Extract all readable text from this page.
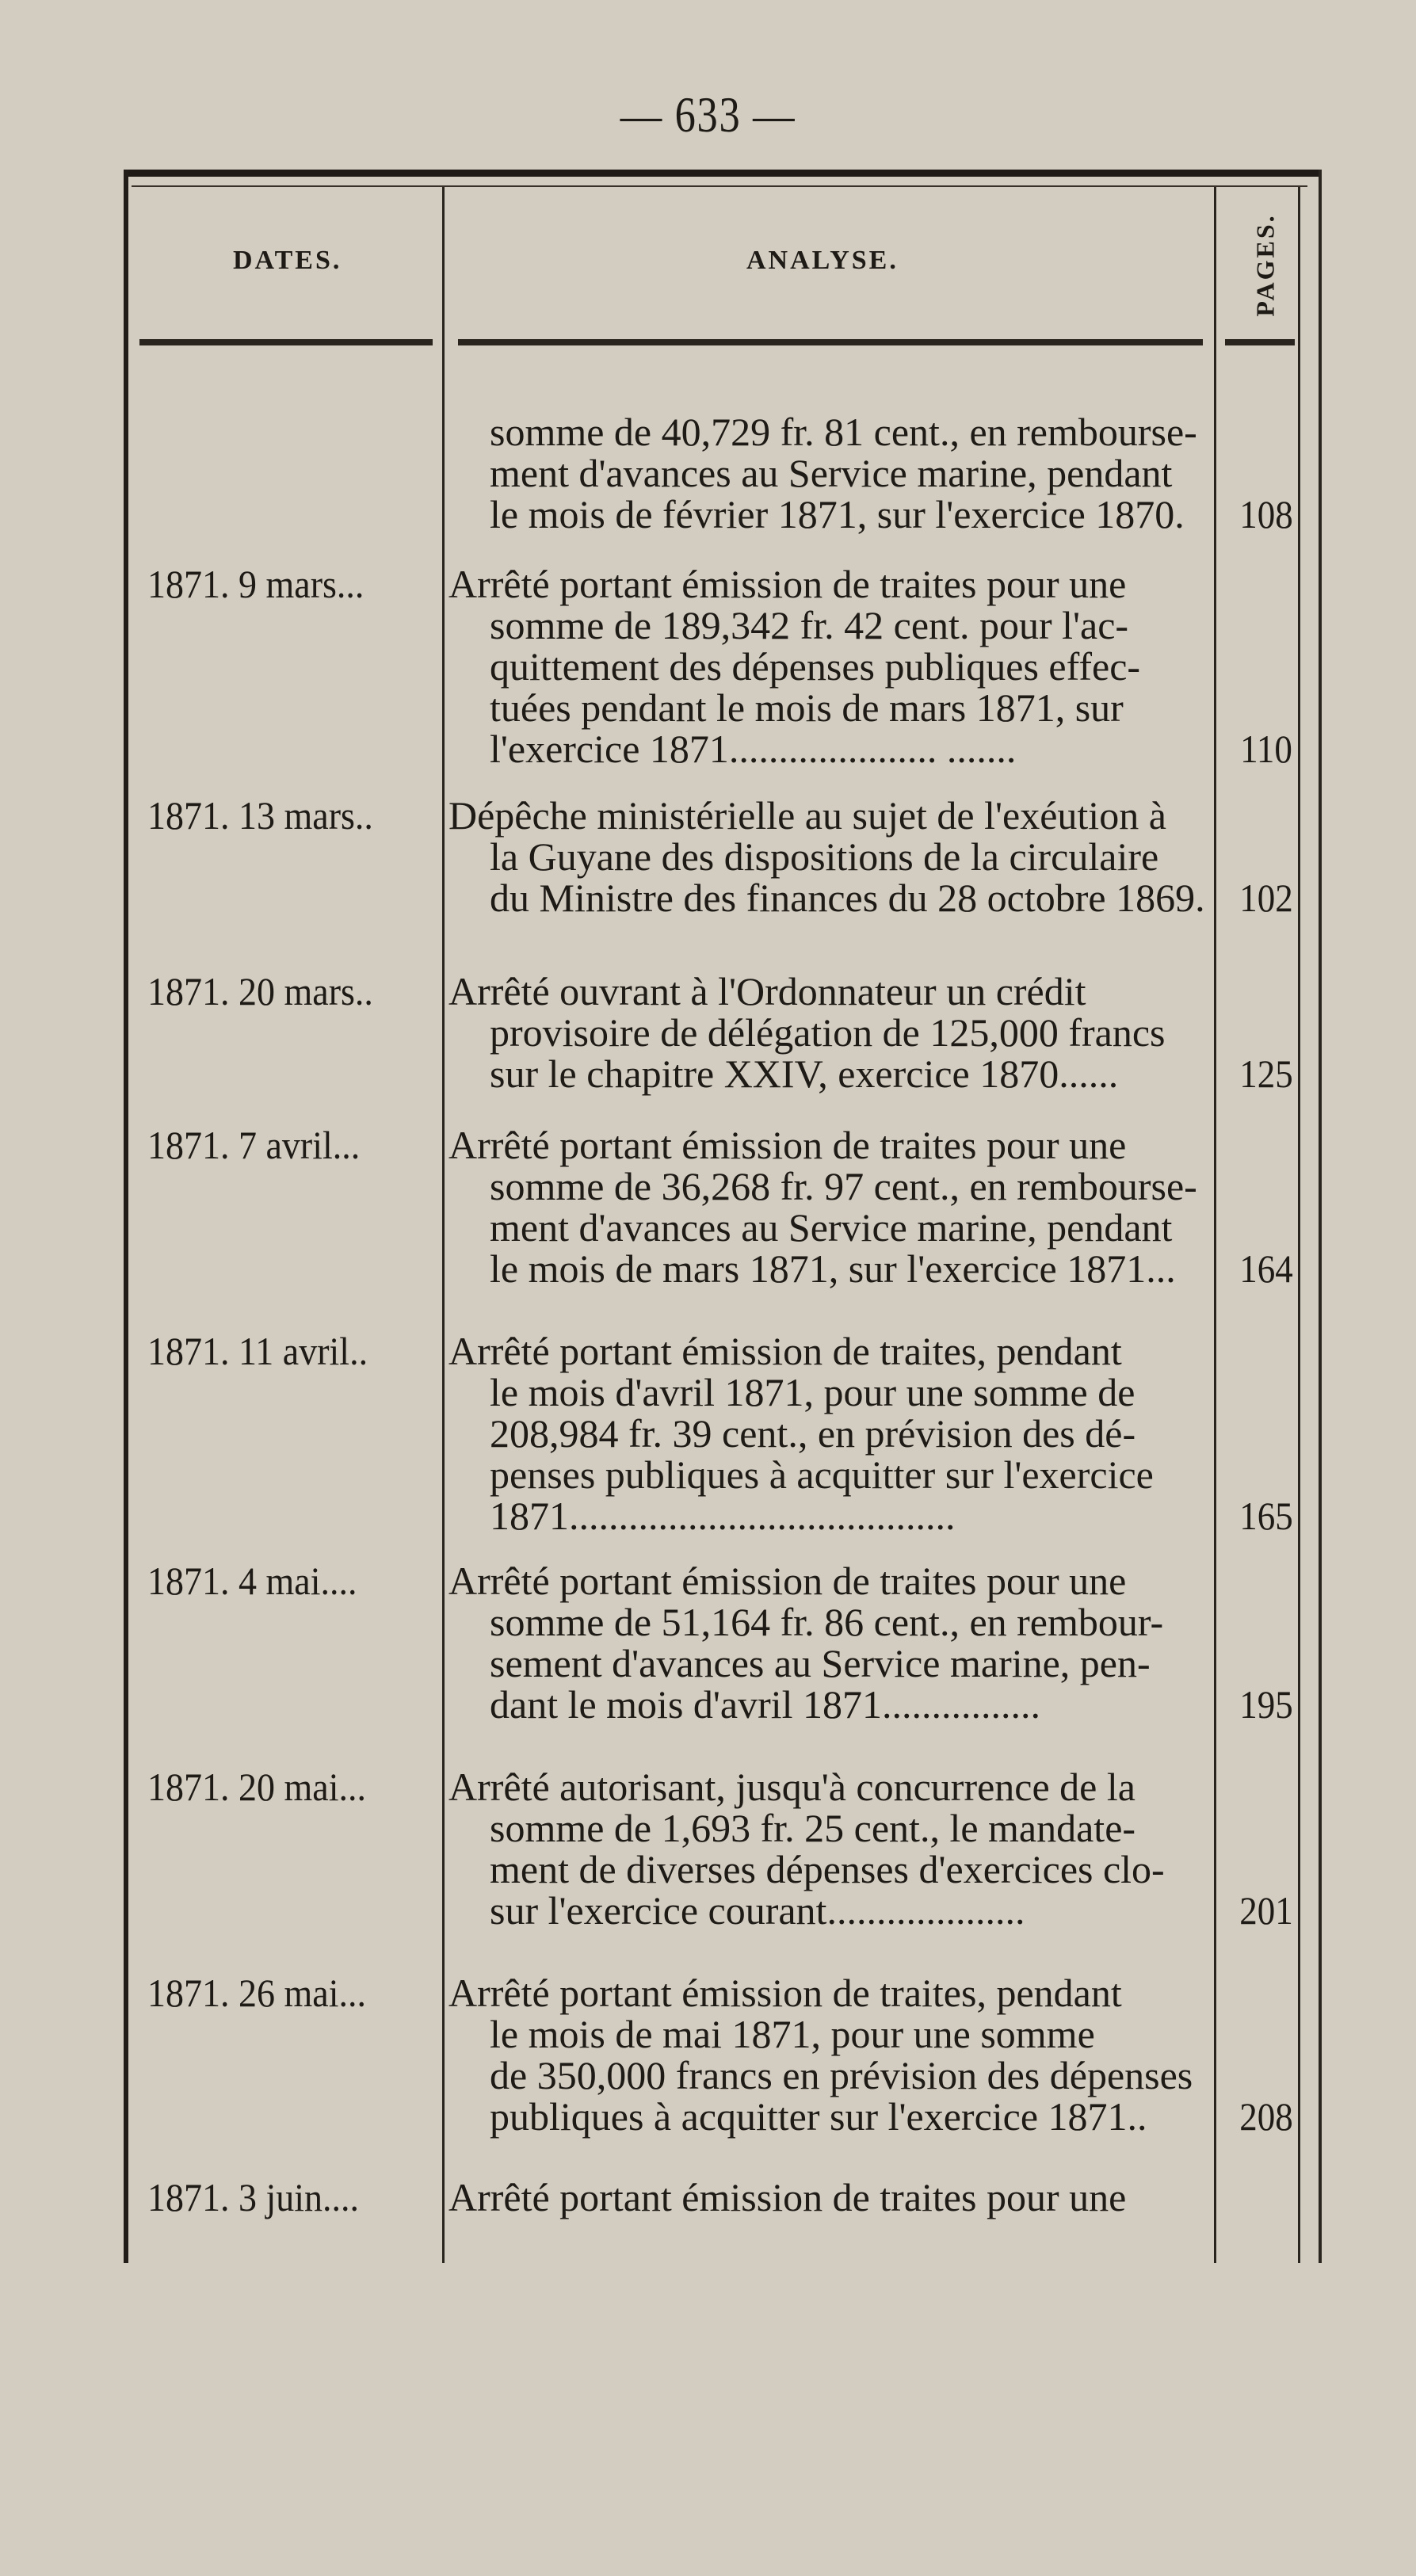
— 633 —
DATES.	ANALYSE.	PAGES.
somme de 40,729 fr. 81 cent., en rembourse-
ment d'avances au Service marine, pendant
le mois de février 1871, sur l'exercice 1870. 108
1871. 9 mars...	Arrêté portant émission de traites pour une
somme de 189,342 fr. 42 cent. pour l'ac-
quittement des dépenses publiques effec-
tuées pendant le mois de mars 1871, sur
l'exercice 1871..................... .......	110
1871. 13 mars..	Dépêche ministérielle au sujet de l'exéution à
la Guyane des dispositions de la circulaire
du Ministre des finances du 28 octobre 1869. 102
1871. 20 mars..	Arrêté ouvrant à l'Ordonnateur un crédit
provisoire de délégation de 125,000 francs
sur le chapitre XXIV, exercice 1870......	125
1871. 7 avril...	Arrêté portant émission de traites pour une
somme de 36,268 fr. 97 cent., en rembourse-
ment d'avances au Service marine, pendant
le mois de mars 1871, sur l'exercice 1871... 164
1871. 11 avril..	Arrêté portant émission de traites, pendant
le mois d'avril 1871, pour une somme de
208,984 fr. 39 cent., en prévision des dé-
penses publiques à acquitter sur l'exercice
1871.......................................	165
1871. 4 mai....	Arrêté portant émission de traites pour une
somme de 51,164 fr. 86 cent., en rembour-
sement d'avances au Service marine, pen-
dant le mois d'avril 1871................	195
1871. 20 mai...	Arrêté autorisant, jusqu'à concurrence de la
somme de 1,693 fr. 25 cent., le mandate-
ment de diverses dépenses d'exercices clo-
sur l'exercice courant....................	201
1871. 26 mai...	Arrêté portant émission de traites, pendant
le mois de mai 1871, pour une somme
de 350,000 francs en prévision des dépenses
publiques à acquitter sur l'exercice 1871.. 208
1871. 3 juin....	Arrêté portant émission de traites pour une
